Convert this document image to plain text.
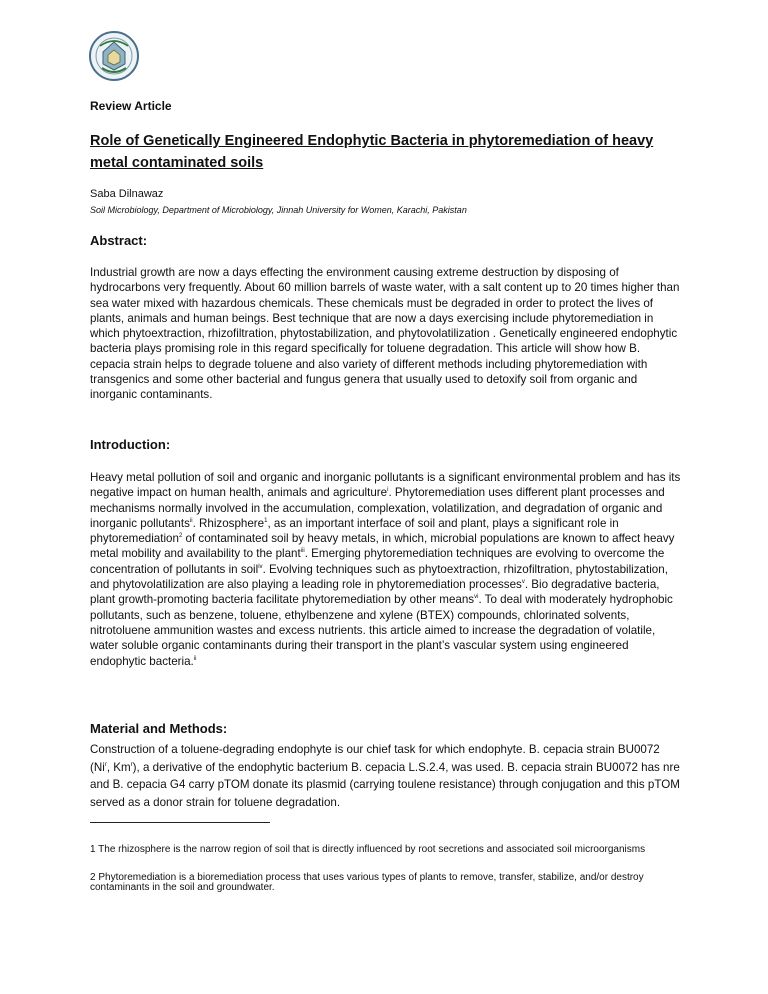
Review Article
Role of Genetically Engineered Endophytic Bacteria in phytoremediation of heavy metal contaminated soils
Saba Dilnawaz
Soil Microbiology, Department of Microbiology, Jinnah University for Women, Karachi, Pakistan
Abstract:

Industrial growth are now a days effecting the environment causing extreme destruction by disposing of hydrocarbons very frequently. About 60 million barrels of waste water, with a salt content up to 20 times higher than sea water mixed with hazardous chemicals. These chemicals must be degraded in order to protect the lives of plants, animals and human beings. Best technique that are now a days exercising include phytoremediation in which phytoextraction, rhizofiltration, phytostabilization, and phytovolatilization . Genetically engineered endophytic bacteria plays promising role in this regard specifically for toluene degradation. This article will show how B. cepacia strain helps to degrade toluene and also variety of different methods including phytoremediation with transgenics and some other bacterial and fungus genera that usually used to detoxify soil from organic and inorganic contaminants.

Introduction:

Heavy metal pollution of soil and organic and inorganic pollutants is a significant environmental problem and has its negative impact on human health, animals and agriculture$^i$. Phytoremediation uses different plant processes and mechanisms normally involved in the accumulation, complexation, volatilization, and degradation of organic and inorganic pollutants$^{ii}$. Rhizosphere$^1$, as an important interface of soil and plant, plays a significant role in phytoremediation$^2$ of contaminated soil by heavy metals, in which, microbial populations are known to affect heavy metal mobility and availability to the plant$^{iii}$. Emerging phytoremediation techniques are evolving to overcome the concentration of pollutants in soil$^{iv}$. Evolving techniques such as phytoextraction, rhizofiltration, phytostabilization, and phytovolatilization are also playing a leading role in phytoremediation processes$^v$. Bio degradative bacteria, plant growth-promoting bacteria facilitate phytoremediation by other means$^{vi}$. To deal with moderately hydrophobic pollutants, such as benzene, toluene, ethylbenzene and xylene (BTEX) compounds, chlorinated solvents, nitrotoluene ammunition wastes and excess nutrients. this article aimed to increase the degradation of volatile, water soluble organic contaminants during their transport in the plant’s vascular system using engineered endophytic bacteria.$^{ii}$

Material and Methods:

Construction of a toluene-degrading endophyte is our chief task for which endophyte. B. cepacia strain BU0072 (Ni$^r$, Km$^r$), a derivative of the endophytic bacterium B. cepacia L.S.2.4, was used. B. cepacia strain BU0072 has nre and B. cepacia G4 carry pTOM donate its plasmid (carrying toulene resistance) through conjugation and this pTOM served as a donor strain for toluene degradation.

1 The rhizosphere is the narrow region of soil that is directly influenced by root secretions and associated soil microorganisms

2 Phytoremediation is a bioremediation process that uses various types of plants to remove, transfer, stabilize, and/or destroy contaminants in the soil and groundwater.
